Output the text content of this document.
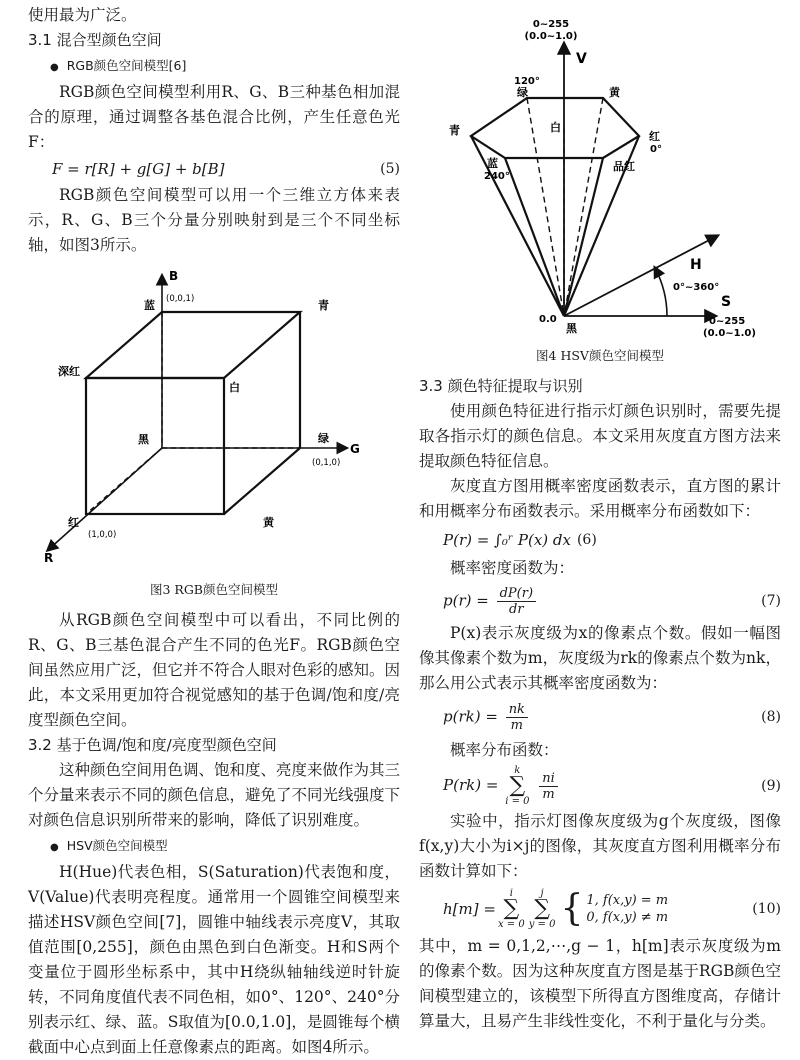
使用最为广泛。

3.1 混合型颜色空间

● RGB颜色空间模型[6]

RGB颜色空间模型利用R、G、B三种基色相加混合的原理，通过调整各基色混合比例，产生任意色光F：

F = r[R] + g[G] + b[B]	(5)

RGB颜色空间模型可以用一个三维立方体来表示，R、G、B三个分量分别映射到是三个不同坐标轴，如图3所示。

B
G
R
蓝 (0,0,1)	青
深红
白
黑	绿
(0,1,0)
红
(1,0,0)
黄
图3 RGB颜色空间模型

从RGB颜色空间模型中可以看出，不同比例的R、G、B三基色混合产生不同的色光F。RGB颜色空间虽然应用广泛，但它并不符合人眼对色彩的感知。因此，本文采用更加符合视觉感知的基于色调/饱和度/亮度型颜色空间。

3.2 基于色调/饱和度/亮度型颜色空间

这种颜色空间用色调、饱和度、亮度来做作为其三个分量来表示不同的颜色信息，避免了不同光线强度下对颜色信息识别所带来的影响，降低了识别难度。

● HSV颜色空间模型

H(Hue)代表色相，S(Saturation)代表饱和度，V(Value)代表明亮程度。通常用一个圆锥空间模型来描述HSV颜色空间[7]，圆锥中轴线表示亮度V，其取值范围[0,255]，颜色由黑色到白色渐变。H和S两个变量位于圆形坐标系中，其中H绕纵轴轴线逆时针旋转，不同角度值代表不同色相，如0°、120°、240°分别表示红、绿、蓝。S取值为[0.0,1.0]，是圆锥每个横截面中心点到面上任意像素点的距离。如图4所示。

0~255
(0.0~1.0)
V
120°
绿	黄
青	白
红
0°
蓝
240°
品红
H
0°~360°
S
0.0
黑
0~255
(0.0~1.0)
图4 HSV颜色空间模型

3.3 颜色特征提取与识别

使用颜色特征进行指示灯颜色识别时，需要先提取各指示灯的颜色信息。本文采用灰度直方图方法来提取颜色特征信息。

灰度直方图用概率密度函数表示，直方图的累计和用概率分布函数表示。采用概率分布函数如下：

P(r) = ∫₀ʳ P(x) dx (6)

概率密度函数为：

$p(r) = \frac{dP(r)}{dr}$	(7)

P(x)表示灰度级为x的像素点个数。假如一幅图像其像素个数为m，灰度级为rk的像素点个数为nk，那么用公式表示其概率密度函数为：

$p(rk) = \frac{nk}{m}$	(8)

概率分布函数：

P(rk) =
k
∑
i = 0
$\frac{ni}{m}$	(9)

实验中，指示灯图像灰度级为g个灰度级，图像f(x,y)大小为i×j的图像，其灰度直方图利用概率分布函数计算如下：

h[m] =
i
∑
x = 0
j
∑
y = 0 { 1, f(x,y) = m
0, f(x,y) ≠ m
(10)

其中，m = 0,1,2,⋯,g − 1，h[m]表示灰度级为m的像素个数。因为这种灰度直方图是基于RGB颜色空间模型建立的，该模型下所得直方图维度高，存储计算量大，且易产生非线性变化，不利于量化与分类。
